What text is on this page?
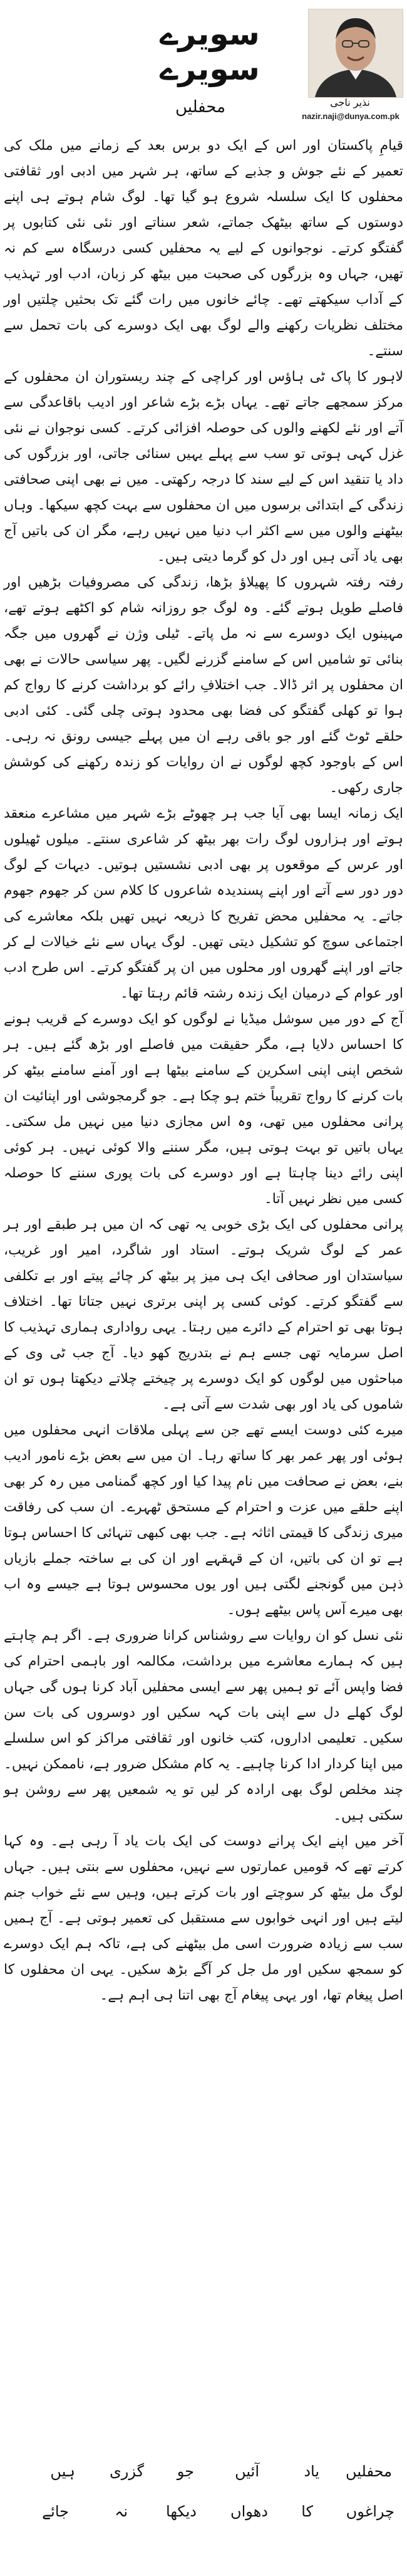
نذیر ناجی
nazir.naji@dunya.com.pk
سویرے سویرے
محفلیں

قیامِ پاکستان اور اس کے ایک دو برس بعد کے زمانے میں ملک کی تعمیر کے نئے جوش و جذبے کے ساتھ، ہر شہر میں ادبی اور ثقافتی محفلوں کا ایک سلسلہ شروع ہو گیا تھا۔ لوگ شام ہوتے ہی اپنے دوستوں کے ساتھ بیٹھک جماتے، شعر سناتے اور نئی نئی کتابوں پر گفتگو کرتے۔ نوجوانوں کے لیے یہ محفلیں کسی درسگاہ سے کم نہ تھیں، جہاں وہ بزرگوں کی صحبت میں بیٹھ کر زبان، ادب اور تہذیب کے آداب سیکھتے تھے۔ چائے خانوں میں رات گئے تک بحثیں چلتیں اور مختلف نظریات رکھنے والے لوگ بھی ایک دوسرے کی بات تحمل سے سنتے۔

لاہور کا پاک ٹی ہاؤس اور کراچی کے چند ریستوران ان محفلوں کے مرکز سمجھے جاتے تھے۔ یہاں بڑے بڑے شاعر اور ادیب باقاعدگی سے آتے اور نئے لکھنے والوں کی حوصلہ افزائی کرتے۔ کسی نوجوان نے نئی غزل کہی ہوتی تو سب سے پہلے یہیں سنائی جاتی، اور بزرگوں کی داد یا تنقید اس کے لیے سند کا درجہ رکھتی۔ میں نے بھی اپنی صحافتی زندگی کے ابتدائی برسوں میں ان محفلوں سے بہت کچھ سیکھا۔ وہاں بیٹھنے والوں میں سے اکثر اب دنیا میں نہیں رہے، مگر ان کی باتیں آج بھی یاد آتی ہیں اور دل کو گرما دیتی ہیں۔

رفتہ رفتہ شہروں کا پھیلاؤ بڑھا، زندگی کی مصروفیات بڑھیں اور فاصلے طویل ہوتے گئے۔ وہ لوگ جو روزانہ شام کو اکٹھے ہوتے تھے، مہینوں ایک دوسرے سے نہ مل پاتے۔ ٹیلی وژن نے گھروں میں جگہ بنائی تو شامیں اس کے سامنے گزرنے لگیں۔ پھر سیاسی حالات نے بھی ان محفلوں پر اثر ڈالا۔ جب اختلافِ رائے کو برداشت کرنے کا رواج کم ہوا تو کھلی گفتگو کی فضا بھی محدود ہوتی چلی گئی۔ کئی ادبی حلقے ٹوٹ گئے اور جو باقی رہے ان میں پہلے جیسی رونق نہ رہی۔ اس کے باوجود کچھ لوگوں نے ان روایات کو زندہ رکھنے کی کوشش جاری رکھی۔

ایک زمانہ ایسا بھی آیا جب ہر چھوٹے بڑے شہر میں مشاعرے منعقد ہوتے اور ہزاروں لوگ رات بھر بیٹھ کر شاعری سنتے۔ میلوں ٹھیلوں اور عرس کے موقعوں پر بھی ادبی نشستیں ہوتیں۔ دیہات کے لوگ دور دور سے آتے اور اپنے پسندیدہ شاعروں کا کلام سن کر جھوم جھوم جاتے۔ یہ محفلیں محض تفریح کا ذریعہ نہیں تھیں بلکہ معاشرے کی اجتماعی سوچ کو تشکیل دیتی تھیں۔ لوگ یہاں سے نئے خیالات لے کر جاتے اور اپنے گھروں اور محلوں میں ان پر گفتگو کرتے۔ اس طرح ادب اور عوام کے درمیان ایک زندہ رشتہ قائم رہتا تھا۔

آج کے دور میں سوشل میڈیا نے لوگوں کو ایک دوسرے کے قریب ہونے کا احساس دلایا ہے، مگر حقیقت میں فاصلے اور بڑھ گئے ہیں۔ ہر شخص اپنی اپنی اسکرین کے سامنے بیٹھا ہے اور آمنے سامنے بیٹھ کر بات کرنے کا رواج تقریباً ختم ہو چکا ہے۔ جو گرمجوشی اور اپنائیت ان پرانی محفلوں میں تھی، وہ اس مجازی دنیا میں نہیں مل سکتی۔ یہاں باتیں تو بہت ہوتی ہیں، مگر سننے والا کوئی نہیں۔ ہر کوئی اپنی رائے دینا چاہتا ہے اور دوسرے کی بات پوری سننے کا حوصلہ کسی میں نظر نہیں آتا۔

پرانی محفلوں کی ایک بڑی خوبی یہ تھی کہ ان میں ہر طبقے اور ہر عمر کے لوگ شریک ہوتے۔ استاد اور شاگرد، امیر اور غریب، سیاستدان اور صحافی ایک ہی میز پر بیٹھ کر چائے پیتے اور بے تکلفی سے گفتگو کرتے۔ کوئی کسی پر اپنی برتری نہیں جتاتا تھا۔ اختلاف ہوتا بھی تو احترام کے دائرے میں رہتا۔ یہی رواداری ہماری تہذیب کا اصل سرمایہ تھی جسے ہم نے بتدریج کھو دیا۔ آج جب ٹی وی کے مباحثوں میں لوگوں کو ایک دوسرے پر چیختے چلاتے دیکھتا ہوں تو ان شاموں کی یاد اور بھی شدت سے آتی ہے۔

میرے کئی دوست ایسے تھے جن سے پہلی ملاقات انہی محفلوں میں ہوئی اور پھر عمر بھر کا ساتھ رہا۔ ان میں سے بعض بڑے نامور ادیب بنے، بعض نے صحافت میں نام پیدا کیا اور کچھ گمنامی میں رہ کر بھی اپنے حلقے میں عزت و احترام کے مستحق ٹھہرے۔ ان سب کی رفاقت میری زندگی کا قیمتی اثاثہ ہے۔ جب بھی کبھی تنہائی کا احساس ہوتا ہے تو ان کی باتیں، ان کے قہقہے اور ان کی بے ساختہ جملے بازیاں ذہن میں گونجنے لگتی ہیں اور یوں محسوس ہوتا ہے جیسے وہ اب بھی میرے آس پاس بیٹھے ہوں۔

نئی نسل کو ان روایات سے روشناس کرانا ضروری ہے۔ اگر ہم چاہتے ہیں کہ ہمارے معاشرے میں برداشت، مکالمہ اور باہمی احترام کی فضا واپس آئے تو ہمیں پھر سے ایسی محفلیں آباد کرنا ہوں گی جہاں لوگ کھلے دل سے اپنی بات کہہ سکیں اور دوسروں کی بات سن سکیں۔ تعلیمی اداروں، کتب خانوں اور ثقافتی مراکز کو اس سلسلے میں اپنا کردار ادا کرنا چاہیے۔ یہ کام مشکل ضرور ہے، ناممکن نہیں۔ چند مخلص لوگ بھی ارادہ کر لیں تو یہ شمعیں پھر سے روشن ہو سکتی ہیں۔

آخر میں اپنے ایک پرانے دوست کی ایک بات یاد آ رہی ہے۔ وہ کہا کرتے تھے کہ قومیں عمارتوں سے نہیں، محفلوں سے بنتی ہیں۔ جہاں لوگ مل بیٹھ کر سوچتے اور بات کرتے ہیں، وہیں سے نئے خواب جنم لیتے ہیں اور انہی خوابوں سے مستقبل کی تعمیر ہوتی ہے۔ آج ہمیں سب سے زیادہ ضرورت اسی مل بیٹھنے کی ہے، تاکہ ہم ایک دوسرے کو سمجھ سکیں اور مل جل کر آگے بڑھ سکیں۔ یہی ان محفلوں کا اصل پیغام تھا، اور یہی پیغام آج بھی اتنا ہی اہم ہے۔

محفلیں
یاد
آئیں
جو
گزری
ہیں
چراغوں
کا
دھواں
دیکھا
نہ
جائے
